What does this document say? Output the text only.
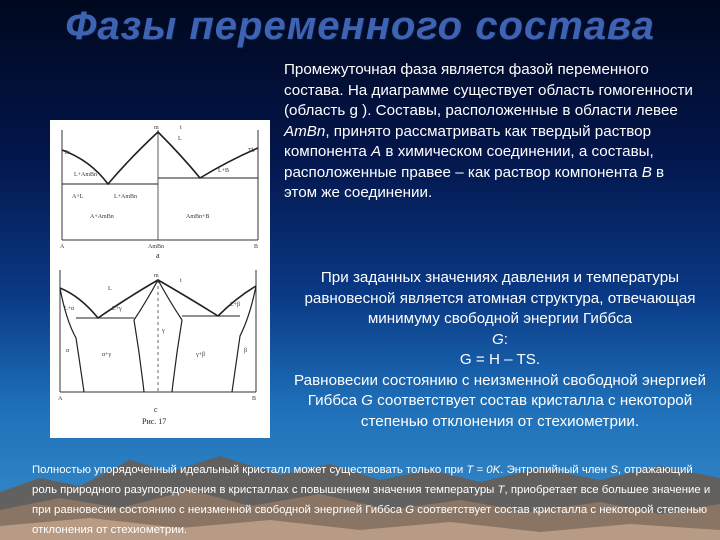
Фазы переменного состава
Ta
m
Tb
L
L+AmBn
A+L	L+AmBn
L+B
A+AmBn	AmBn+B
A	AmBn	B
t
a
t
L
m
L+α	L+γ
L+β
α
γ
β
α+γ	γ+β
A	B
c
Рис. 17
Промежуточная фаза является фазой переменного состава. На диаграмме существует область гомогенности (область g ). Составы, расположенные в области левее AmBn, принято рассматривать как твердый раствор компонента A в химическом соединении, а составы, расположенные правее – как раствор компонента B в этом же соединении.
При заданных значениях давления и температуры равновесной является атомная структура, отвечающая минимуму свободной энергии Гиббса
G:
G = H – TS.
Равновесии состоянию с неизменной свободной энергией Гиббса G соответствует состав кристалла с некоторой степенью отклонения от стехиометрии.
Полностью упорядоченный идеальный кристалл может существовать только при T = 0K. Энтропийный член S, отражающий роль природного разупорядочения в кристаллах с повышением значения температуры T, приобретает все большее значение и при равновесии состоянию с неизменной свободной энергией Гиббса G соответствует состав кристалла с некоторой степенью отклонения от стехиометрии.
